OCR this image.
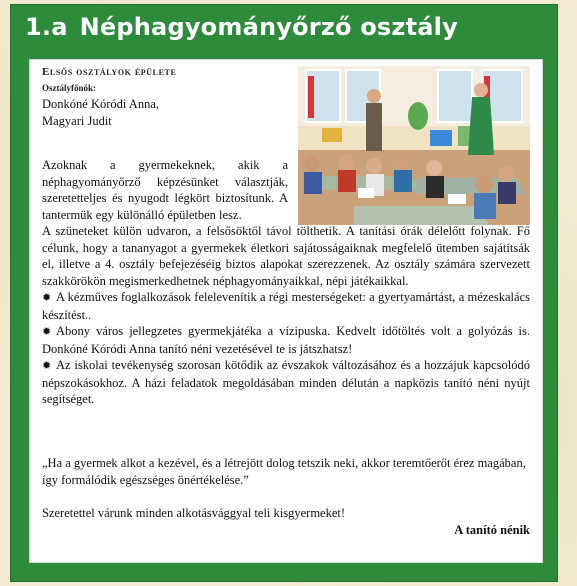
1.a Néphagyományőrző osztály
Elsős osztályok épülete
Osztályfőnök:
Donkóné Kóródi Anna,
Magyari Judit
Azoknak a gyermekeknek, akik a néphagyományőrző képzésünket választják, szeretetteljes és nyugodt légkört biztosítunk. A tantermük egy különálló épületben lesz.

A szüneteket külön udvaron, a felsősöktől távol tölthetik. A tanítási órák délelőtt folynak. Fő célunk, hogy a tananyagot a gyermekek életkori sajátosságaiknak megfelelő ütemben sajátítsák el, illetve a 4. osztály befejezéséig biztos alapokat szerezzenek. Az osztály számára szervezett szakkörökön megismerkedhetnek néphagyományaikkal, népi játékaikkal.

✹ A kézműves foglalkozások felelevenítik a régi mesterségeket: a gyertyamártást, a mézeskalács készítést..

✹ Abony város jellegzetes gyermekjátéka a vízipuska. Kedvelt időtöltés volt a golyózás is. Donkóné Kóródi Anna tanító néni vezetésével te is játszhatsz!

✹ Az iskolai tevékenység szorosan kötődik az évszakok változásához és a hozzájuk kapcsolódó népszokásokhoz. A házi feladatok megoldásában minden délután a napközis tanító néni nyújt segítséget.

„Ha a gyermek alkot a kezével, és a létrejött dolog tetszik neki, akkor teremtőerőt érez magában, így formálódik egészséges önértékelése.”
Szeretettel várunk minden alkotásvággyal teli kisgyermeket!
A tanító nénik
